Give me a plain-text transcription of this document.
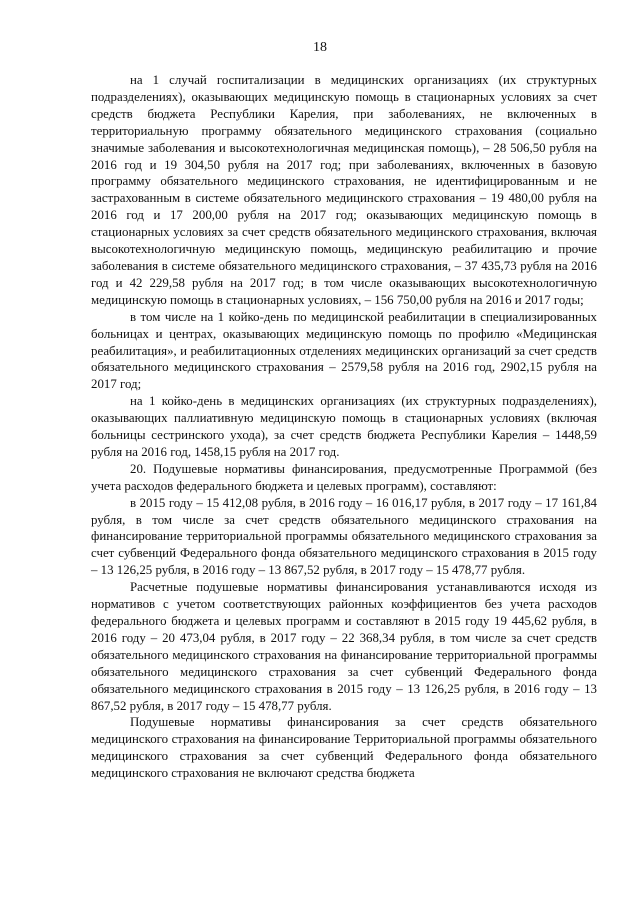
18

на 1 случай госпитализации в медицинских организациях (их структурных подразделениях), оказывающих медицинскую помощь в стационарных условиях за счет средств бюджета Республики Карелия, при заболеваниях, не включенных в территориальную программу обязательного медицинского страхования (социально значимые заболевания и высокотехнологичная медицинская помощь), – 28 506,50 рубля на 2016 год и 19 304,50 рубля на 2017 год; при заболеваниях, включенных в базовую программу обязательного медицинского страхования, не идентифицированным и не застрахованным в системе обязательного медицинского страхования – 19 480,00 рубля на 2016 год и 17 200,00 рубля на 2017 год; оказывающих медицинскую помощь в стационарных условиях за счет средств обязательного медицинского страхования, включая высокотехнологичную медицинскую помощь, медицинскую реабилитацию и прочие заболевания в системе обязательного медицинского страхования, – 37 435,73 рубля на 2016 год и 42 229,58 рубля на 2017 год; в том числе оказывающих высокотехнологичную медицинскую помощь в стационарных условиях, – 156 750,00 рубля на 2016 и 2017 годы;

в том числе на 1 койко-день по медицинской реабилитации в специализированных больницах и центрах, оказывающих медицинскую помощь по профилю «Медицинская реабилитация», и реабилитационных отделениях медицинских организаций за счет средств обязательного медицинского страхования – 2579,58 рубля на 2016 год, 2902,15 рубля на 2017 год;

на 1 койко-день в медицинских организациях (их структурных подразделениях), оказывающих паллиативную медицинскую помощь в стационарных условиях (включая больницы сестринского ухода), за счет средств бюджета Республики Карелия – 1448,59 рубля на 2016 год, 1458,15 рубля на 2017 год.

20. Подушевые нормативы финансирования, предусмотренные Программой (без учета расходов федерального бюджета и целевых программ), составляют:

в 2015 году – 15 412,08 рубля, в 2016 году – 16 016,17 рубля, в 2017 году – 17 161,84 рубля, в том числе за счет средств обязательного медицинского страхования на финансирование территориальной программы обязательного медицинского страхования за счет субвенций Федерального фонда обязательного медицинского страхования в 2015 году – 13 126,25 рубля, в 2016 году – 13 867,52 рубля, в 2017 году – 15 478,77 рубля.

Расчетные подушевые нормативы финансирования устанавливаются исходя из нормативов с учетом соответствующих районных коэффициентов без учета расходов федерального бюджета и целевых программ и составляют в 2015 году 19 445,62 рубля, в 2016 году – 20 473,04 рубля, в 2017 году – 22 368,34 рубля, в том числе за счет средств обязательного медицинского страхования на финансирование территориальной программы обязательного медицинского страхования за счет субвенций Федерального фонда обязательного медицинского страхования в 2015 году – 13 126,25 рубля, в 2016 году – 13 867,52 рубля, в 2017 году – 15 478,77 рубля.

Подушевые нормативы финансирования за счет средств обязательного медицинского страхования на финансирование Территориальной программы обязательного медицинского страхования за счет субвенций Федерального фонда обязательного медицинского страхования не включают средства бюджета
